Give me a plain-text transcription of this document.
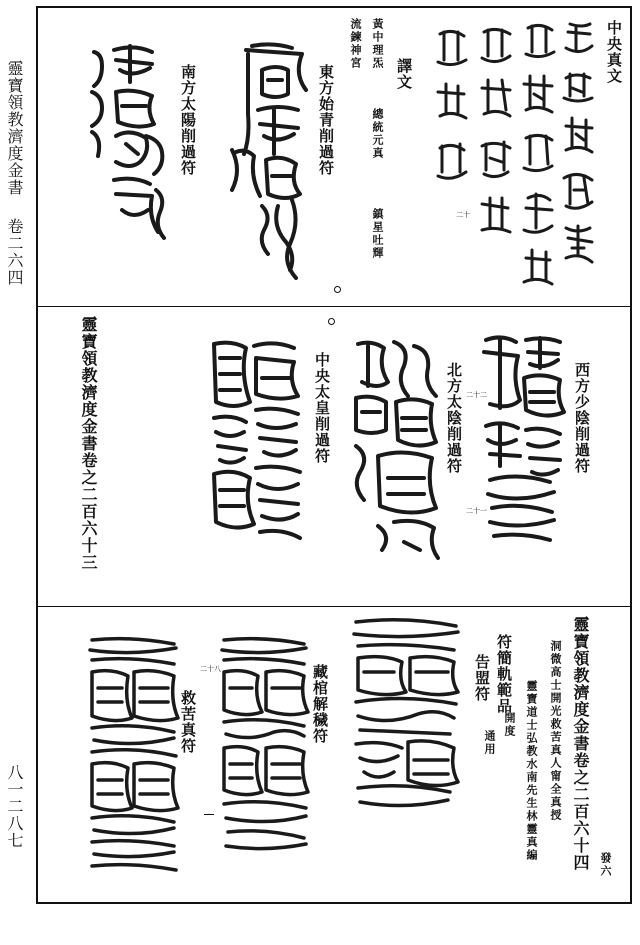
靈寶領教濟度金書
卷二六四
八一二八七
中央真文
二十
譯文
黃中理炁
總統元真
鎮星吐輝
流鍊神宮
東方始青削過符
南方太陽削過符
西方少陰削過符
二十一
北方太陰削過符 二十二
中央太皇削過符
靈寶領教濟度金書卷之二百六十三
靈寶領教濟度金書卷之二百六十四 發六
洞微高士開光救苦真人甯全真授
靈寶道士弘教水南先生林靈真編
符簡軌範品
開度
告盟符
通用
藏棺解穢符
救苦真符
二十八
